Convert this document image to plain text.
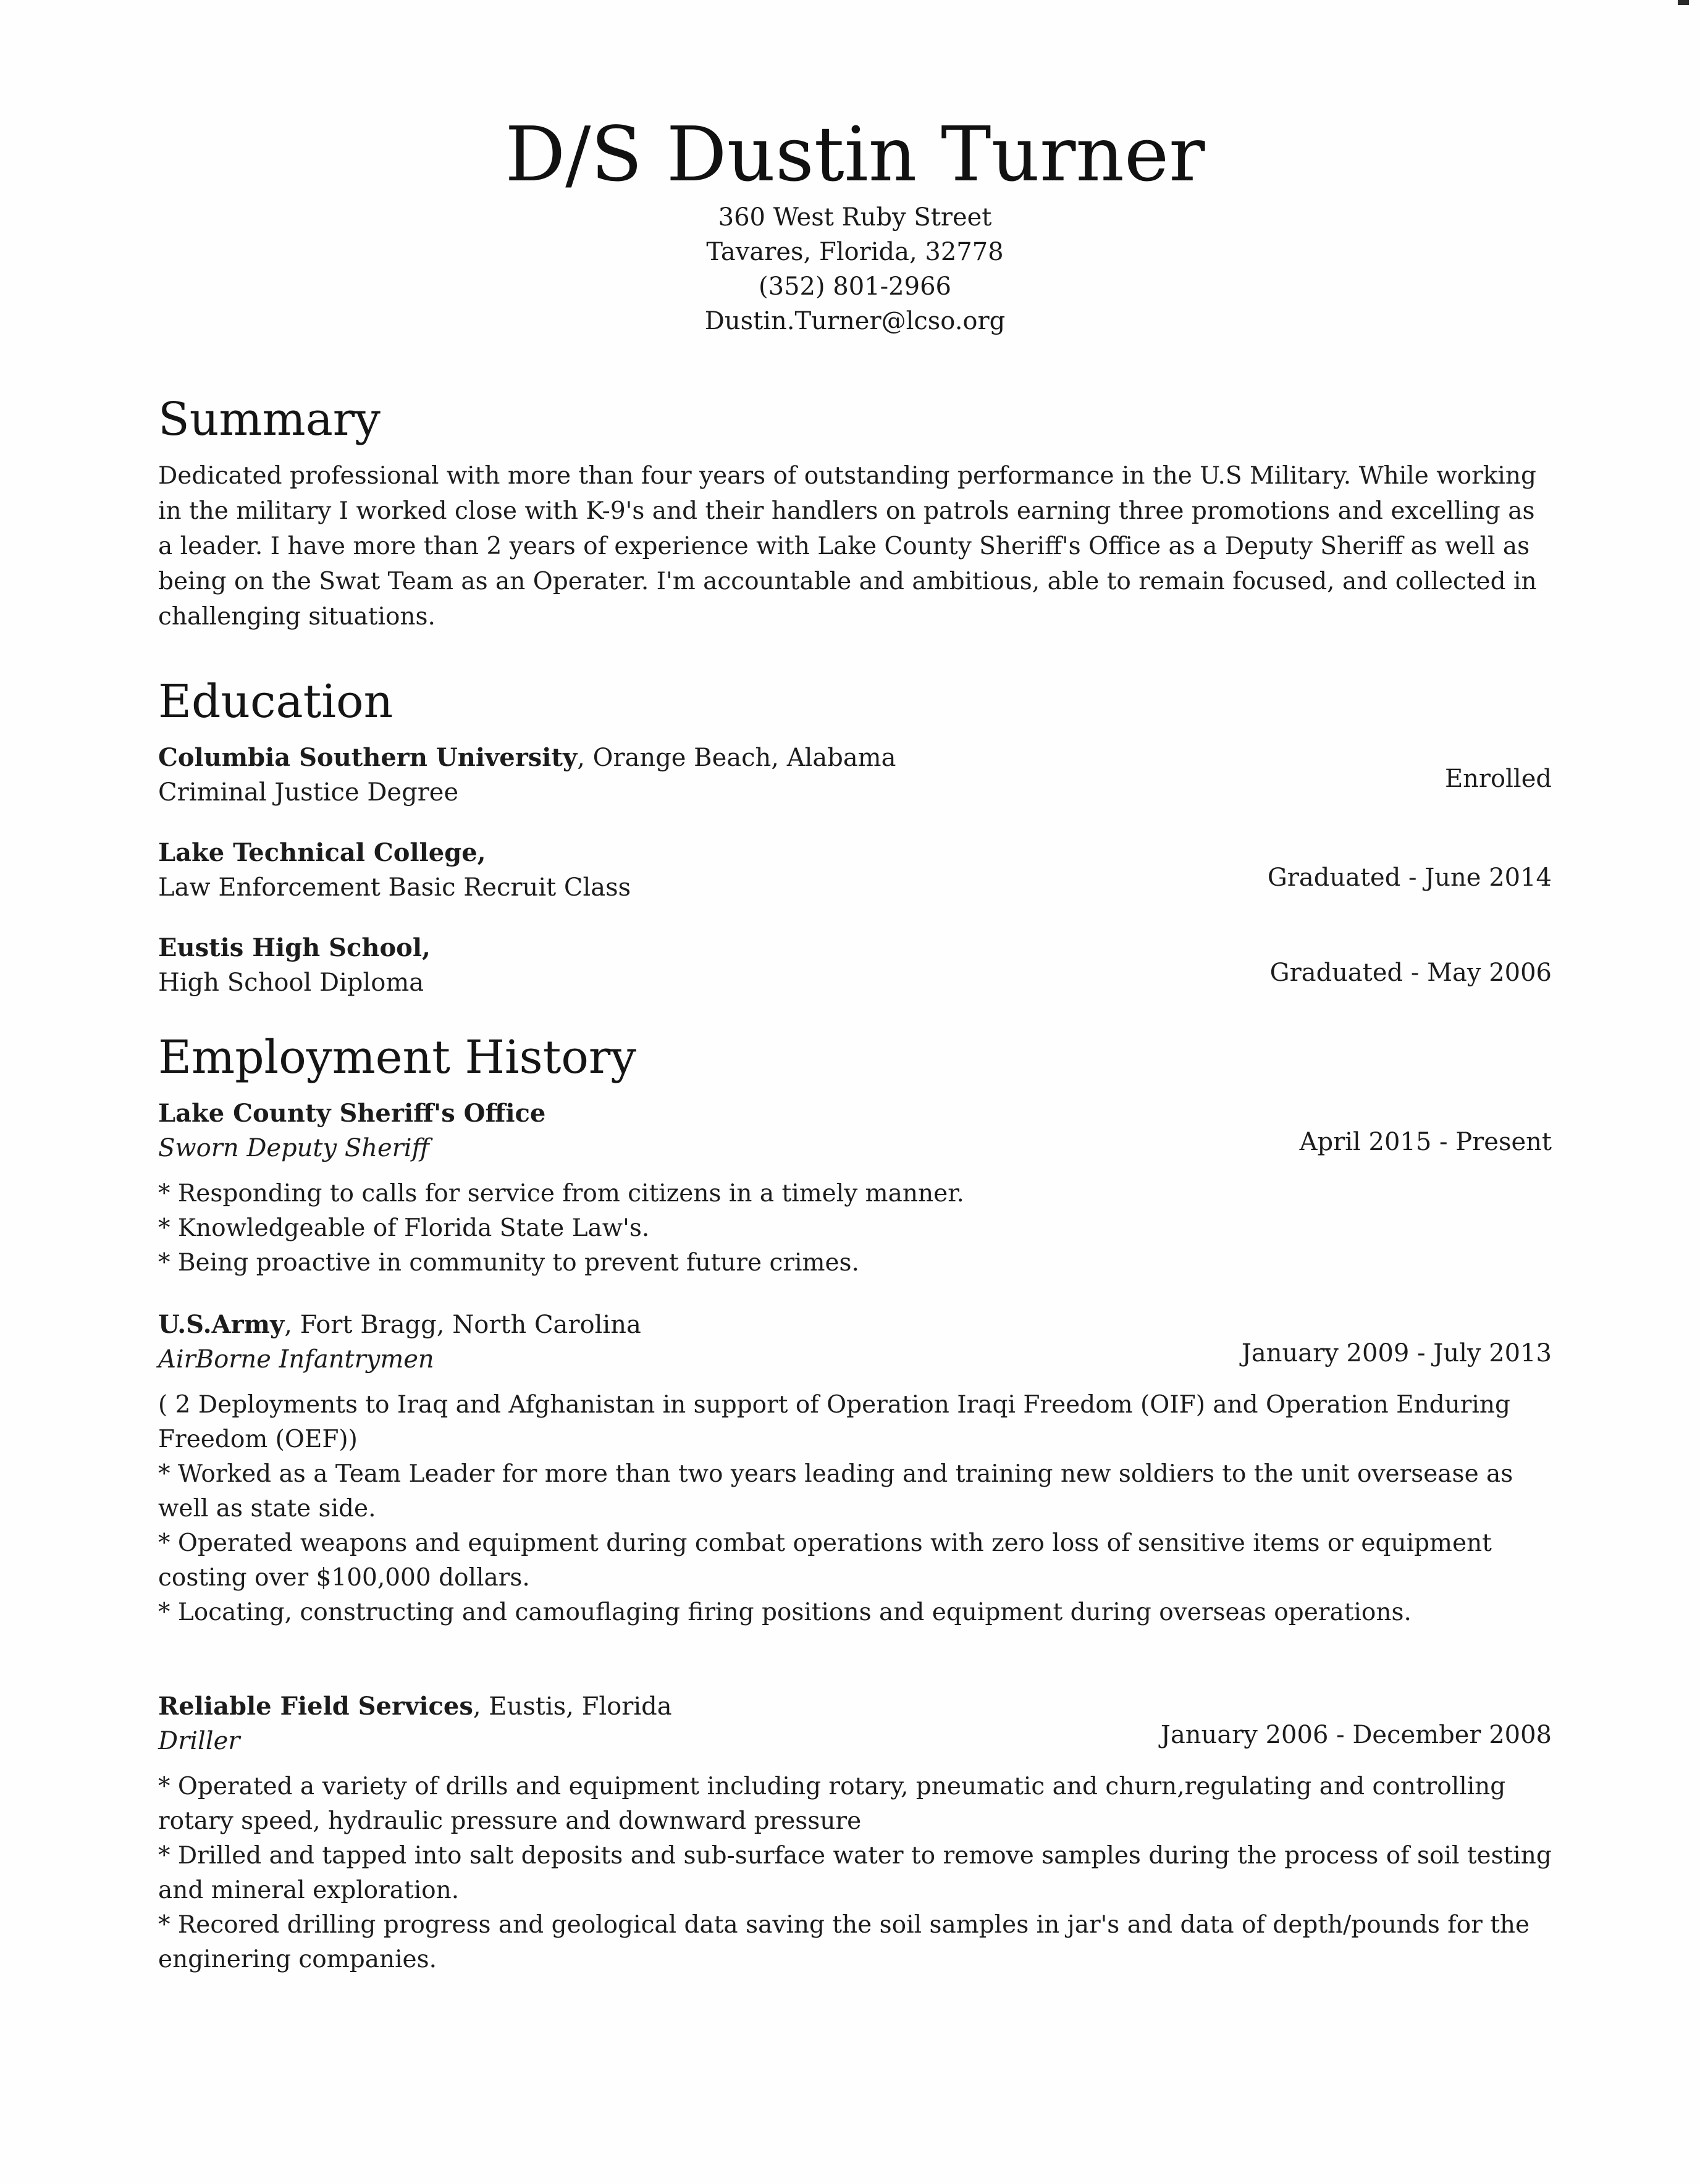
D/S Dustin Turner
360 West Ruby Street
Tavares, Florida, 32778
(352) 801-2966
Dustin.Turner@lcso.org
Summary
Dedicated professional with more than four years of outstanding performance in the U.S Military. While working in the military I worked close with K-9's and their handlers on patrols earning three promotions and excelling as a leader. I have more than 2 years of experience with Lake County Sheriff's Office as a Deputy Sheriff as well as being on the Swat Team as an Operater. I'm accountable and ambitious, able to remain focused, and collected in challenging situations.
Education
Columbia Southern University, Orange Beach, Alabama
Criminal Justice Degree	Enrolled
Lake Technical College,
Law Enforcement Basic Recruit Class	Graduated - June 2014
Eustis High School,
High School Diploma	Graduated - May 2006
Employment History
Lake County Sheriff's Office
Sworn Deputy Sheriff	April 2015 - Present
* Responding to calls for service from citizens in a timely manner.
* Knowledgeable of Florida State Law's.
* Being proactive in community to prevent future crimes.
U.S.Army, Fort Bragg, North Carolina
AirBorne Infantrymen	January 2009 - July 2013
( 2 Deployments to Iraq and Afghanistan in support of Operation Iraqi Freedom (OIF) and Operation Enduring Freedom (OEF))
* Worked as a Team Leader for more than two years leading and training new soldiers to the unit oversease as well as state side.
* Operated weapons and equipment during combat operations with zero loss of sensitive items or equipment costing over $100,000 dollars.
* Locating, constructing and camouflaging firing positions and equipment during overseas operations.
Reliable Field Services, Eustis, Florida
Driller	January 2006 - December 2008
* Operated a variety of drills and equipment including rotary, pneumatic and churn,regulating and controlling rotary speed, hydraulic pressure and downward pressure
* Drilled and tapped into salt deposits and sub-surface water to remove samples during the process of soil testing and mineral exploration.
* Recored drilling progress and geological data saving the soil samples in jar's and data of depth/pounds for the enginering companies.
